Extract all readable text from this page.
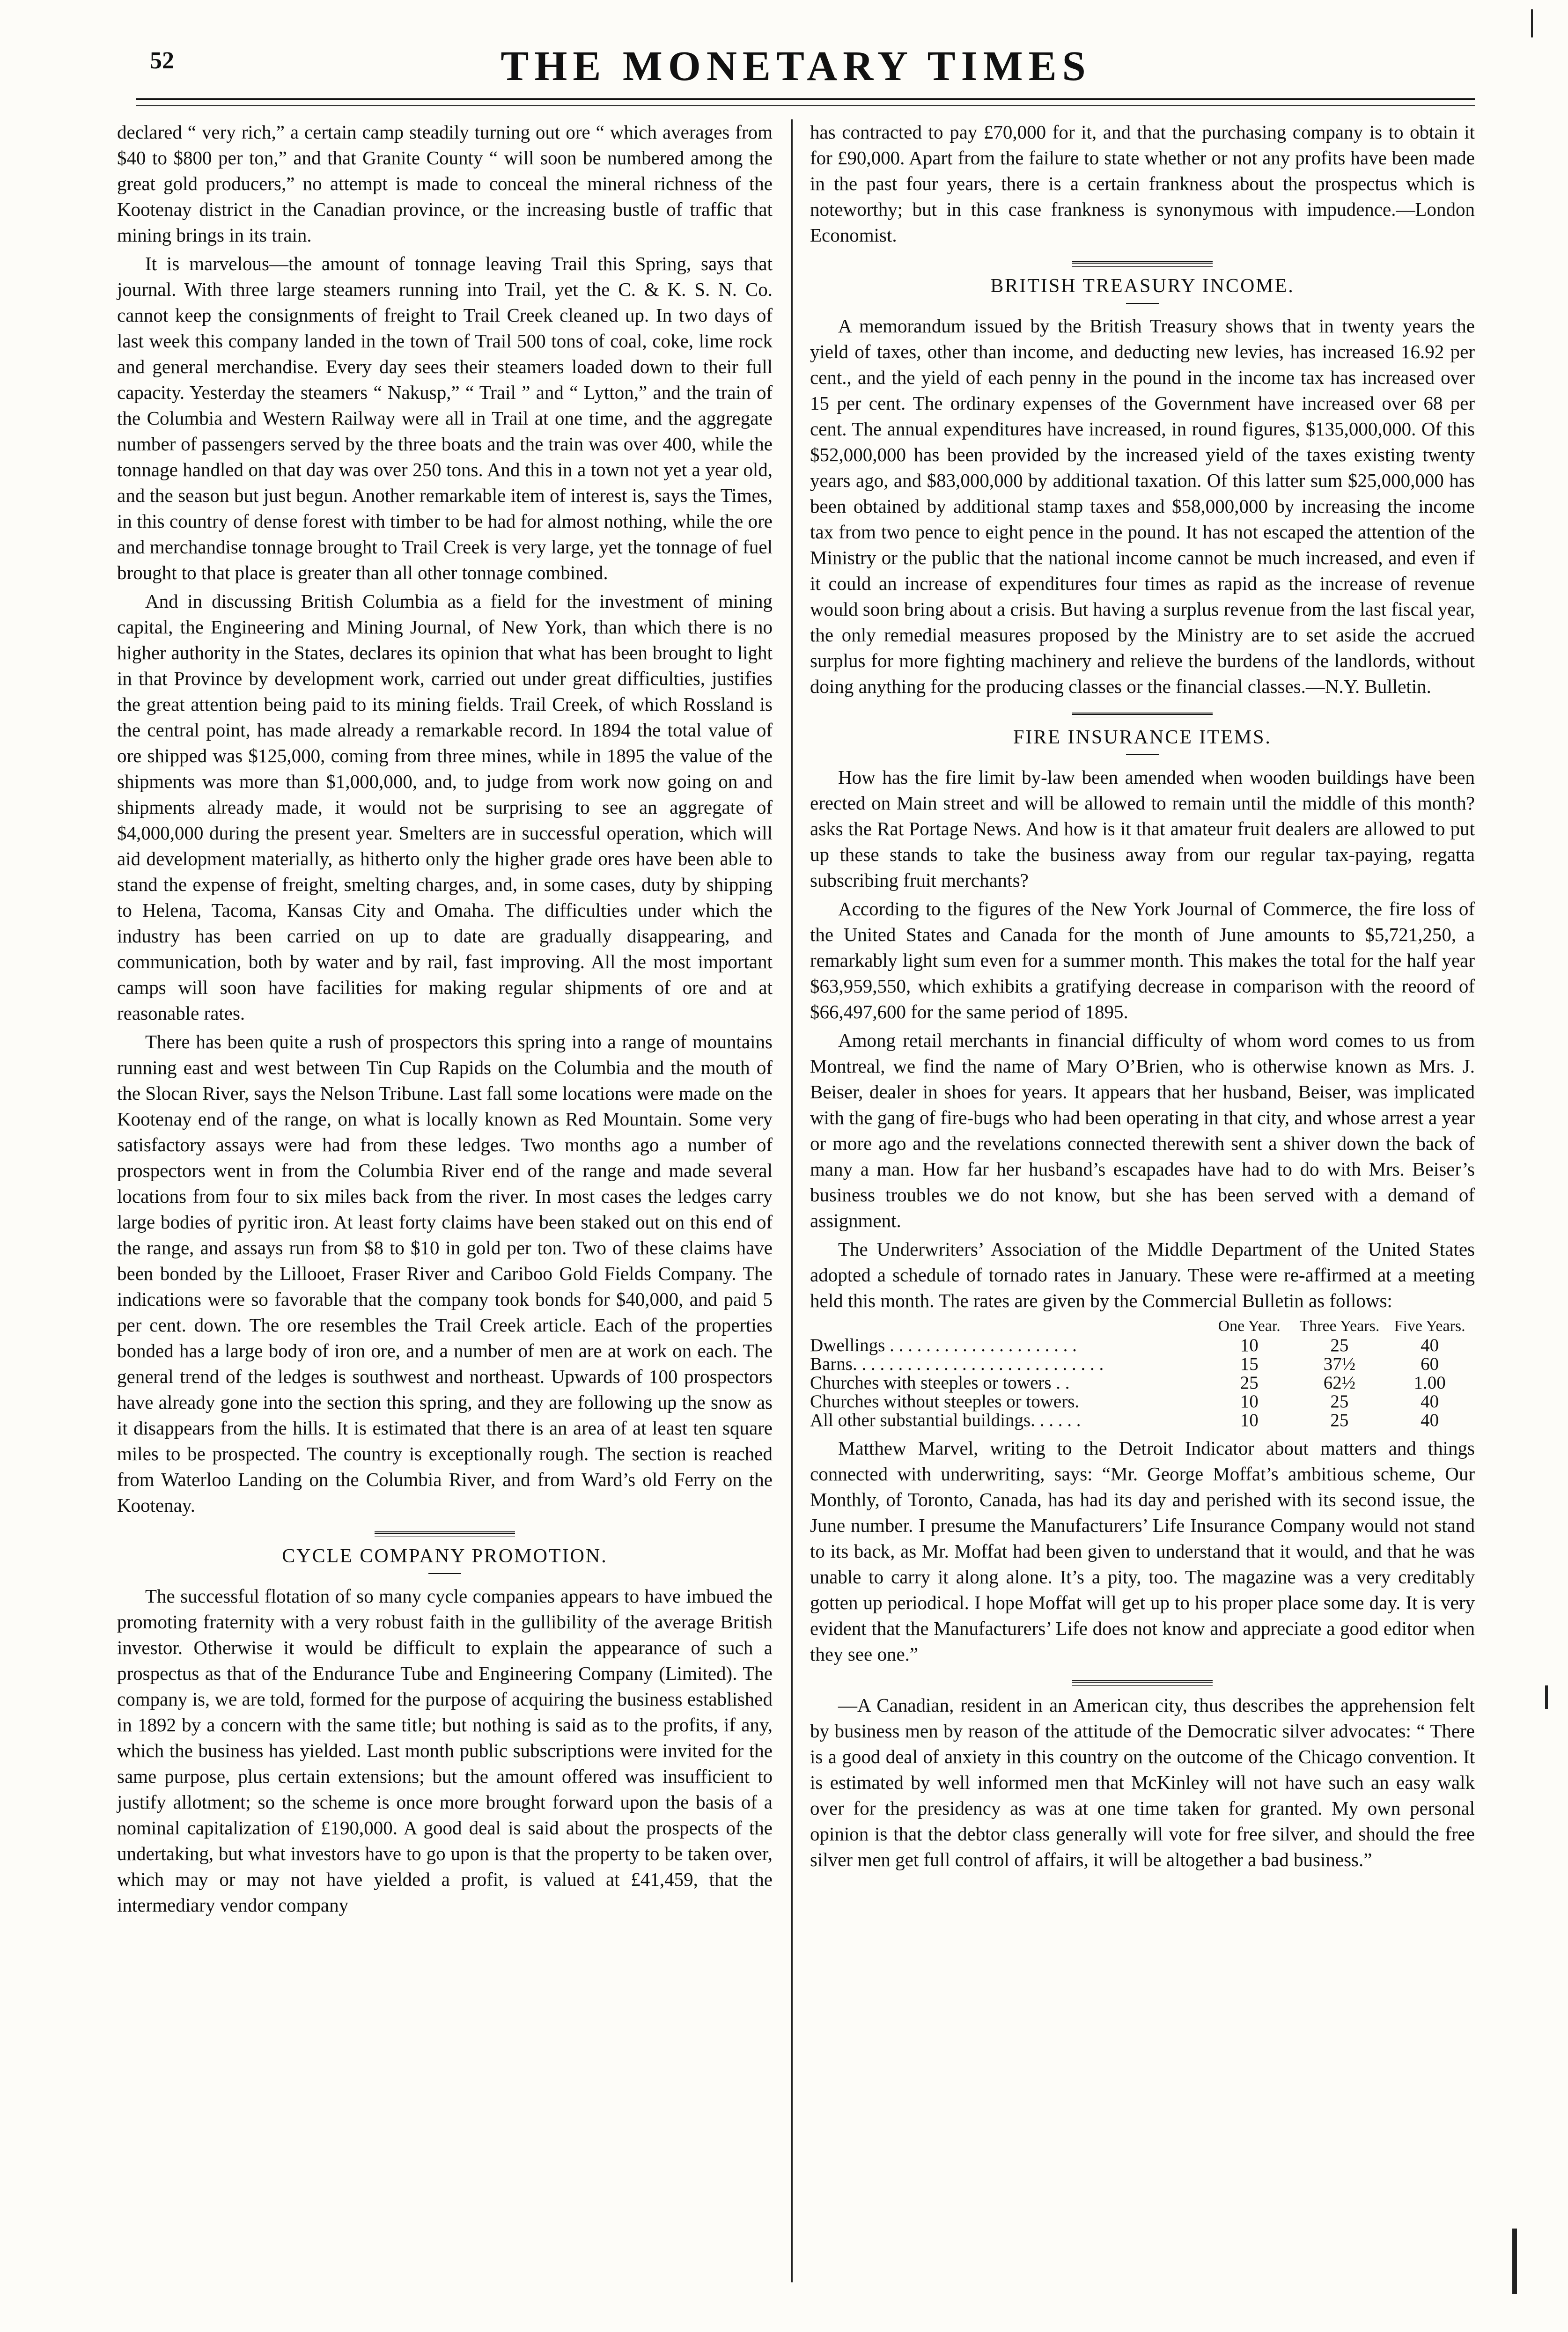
52	THE MONETARY TIMES

declared “ very rich,” a certain camp steadily turning out ore “ which averages from $40 to $800 per ton,” and that Granite County “ will soon be numbered among the great gold producers,” no attempt is made to conceal the mineral richness of the Kootenay district in the Canadian province, or the increasing bustle of traffic that mining brings in its train.

It is marvelous—the amount of tonnage leaving Trail this Spring, says that journal. With three large steamers running into Trail, yet the C. & K. S. N. Co. cannot keep the consignments of freight to Trail Creek cleaned up. In two days of last week this company landed in the town of Trail 500 tons of coal, coke, lime rock and general merchandise. Every day sees their steamers loaded down to their full capacity. Yesterday the steamers “ Nakusp,” “ Trail ” and “ Lytton,” and the train of the Columbia and Western Railway were all in Trail at one time, and the aggregate number of passengers served by the three boats and the train was over 400, while the tonnage handled on that day was over 250 tons. And this in a town not yet a year old, and the season but just begun. Another remarkable item of interest is, says the Times, in this country of dense forest with timber to be had for almost nothing, while the ore and merchandise tonnage brought to Trail Creek is very large, yet the tonnage of fuel brought to that place is greater than all other tonnage combined.

And in discussing British Columbia as a field for the investment of mining capital, the Engineering and Mining Journal, of New York, than which there is no higher authority in the States, declares its opinion that what has been brought to light in that Province by development work, carried out under great difficulties, justifies the great attention being paid to its mining fields. Trail Creek, of which Rossland is the central point, has made already a remarkable record. In 1894 the total value of ore shipped was $125,000, coming from three mines, while in 1895 the value of the shipments was more than $1,000,000, and, to judge from work now going on and shipments already made, it would not be surprising to see an aggregate of $4,000,000 during the present year. Smelters are in successful operation, which will aid development materially, as hitherto only the higher grade ores have been able to stand the expense of freight, smelting charges, and, in some cases, duty by shipping to Helena, Tacoma, Kansas City and Omaha. The difficulties under which the industry has been carried on up to date are gradually disappearing, and communication, both by water and by rail, fast improving. All the most important camps will soon have facilities for making regular shipments of ore and at reasonable rates.

There has been quite a rush of prospectors this spring into a range of mountains running east and west between Tin Cup Rapids on the Columbia and the mouth of the Slocan River, says the Nelson Tribune. Last fall some locations were made on the Kootenay end of the range, on what is locally known as Red Mountain. Some very satisfactory assays were had from these ledges. Two months ago a number of prospectors went in from the Columbia River end of the range and made several locations from four to six miles back from the river. In most cases the ledges carry large bodies of pyritic iron. At least forty claims have been staked out on this end of the range, and assays run from $8 to $10 in gold per ton. Two of these claims have been bonded by the Lillooet, Fraser River and Cariboo Gold Fields Company. The indications were so favorable that the company took bonds for $40,000, and paid 5 per cent. down. The ore resembles the Trail Creek article. Each of the properties bonded has a large body of iron ore, and a number of men are at work on each. The general trend of the ledges is southwest and northeast. Upwards of 100 prospectors have already gone into the section this spring, and they are following up the snow as it disappears from the hills. It is estimated that there is an area of at least ten square miles to be prospected. The country is exceptionally rough. The section is reached from Waterloo Landing on the Columbia River, and from Ward’s old Ferry on the Kootenay.

CYCLE COMPANY PROMOTION.

The successful flotation of so many cycle companies appears to have imbued the promoting fraternity with a very robust faith in the gullibility of the average British investor. Otherwise it would be difficult to explain the appearance of such a prospectus as that of the Endurance Tube and Engineering Company (Limited). The company is, we are told, formed for the purpose of acquiring the business established in 1892 by a concern with the same title; but nothing is said as to the profits, if any, which the business has yielded. Last month public subscriptions were invited for the same purpose, plus certain extensions; but the amount offered was insufficient to justify allotment; so the scheme is once more brought forward upon the basis of a nominal capitalization of £190,000. A good deal is said about the prospects of the undertaking, but what investors have to go upon is that the property to be taken over, which may or may not have yielded a profit, is valued at £41,459, that the intermediary vendor company

has contracted to pay £70,000 for it, and that the purchasing company is to obtain it for £90,000. Apart from the failure to state whether or not any profits have been made in the past four years, there is a certain frankness about the prospectus which is noteworthy; but in this case frankness is synonymous with impudence.—London Economist.

BRITISH TREASURY INCOME.

A memorandum issued by the British Treasury shows that in twenty years the yield of taxes, other than income, and deducting new levies, has increased 16.92 per cent., and the yield of each penny in the pound in the income tax has increased over 15 per cent. The ordinary expenses of the Government have increased over 68 per cent. The annual expenditures have increased, in round figures, $135,000,000. Of this $52,000,000 has been provided by the increased yield of the taxes existing twenty years ago, and $83,000,000 by additional taxation. Of this latter sum $25,000,000 has been obtained by additional stamp taxes and $58,000,000 by increasing the income tax from two pence to eight pence in the pound. It has not escaped the attention of the Ministry or the public that the national income cannot be much increased, and even if it could an increase of expenditures four times as rapid as the increase of revenue would soon bring about a crisis. But having a surplus revenue from the last fiscal year, the only remedial measures proposed by the Ministry are to set aside the accrued surplus for more fighting machinery and relieve the burdens of the landlords, without doing anything for the producing classes or the financial classes.—N.Y. Bulletin.

FIRE INSURANCE ITEMS.

How has the fire limit by-law been amended when wooden buildings have been erected on Main street and will be allowed to remain until the middle of this month? asks the Rat Portage News. And how is it that amateur fruit dealers are allowed to put up these stands to take the business away from our regular tax-paying, regatta subscribing fruit merchants?

According to the figures of the New York Journal of Commerce, the fire loss of the United States and Canada for the month of June amounts to $5,721,250, a remarkably light sum even for a summer month. This makes the total for the half year $63,959,550, which exhibits a gratifying decrease in comparison with the reoord of $66,497,600 for the same period of 1895.

Among retail merchants in financial difficulty of whom word comes to us from Montreal, we find the name of Mary O’Brien, who is otherwise known as Mrs. J. Beiser, dealer in shoes for years. It appears that her husband, Beiser, was implicated with the gang of fire-bugs who had been operating in that city, and whose arrest a year or more ago and the revelations connected therewith sent a shiver down the back of many a man. How far her husband’s escapades have had to do with Mrs. Beiser’s business troubles we do not know, but she has been served with a demand of assignment.

The Underwriters’ Association of the Middle Department of the United States adopted a schedule of tornado rates in January. These were re-affirmed at a meeting held this month. The rates are given by the Commercial Bulletin as follows:

	One Year.	Three Years.	Five Years.
Dwellings . . . . . . . . . . . . . . . . . . . . .	10	25	40
Barns. . . . . . . . . . . . . . . . . . . . . . . . . . . .	15	37½	60
Churches with steeples or towers . .	25	62½	1.00
Churches without steeples or towers.	10	25	40
All other substantial buildings. . . . . .	10	25	40

Matthew Marvel, writing to the Detroit Indicator about matters and things connected with underwriting, says: “Mr. George Moffat’s ambitious scheme, Our Monthly, of Toronto, Canada, has had its day and perished with its second issue, the June number. I presume the Manufacturers’ Life Insurance Company would not stand to its back, as Mr. Moffat had been given to understand that it would, and that he was unable to carry it along alone. It’s a pity, too. The magazine was a very creditably gotten up periodical. I hope Moffat will get up to his proper place some day. It is very evident that the Manufacturers’ Life does not know and appreciate a good editor when they see one.”

—A Canadian, resident in an American city, thus describes the apprehension felt by business men by reason of the attitude of the Democratic silver advocates: “ There is a good deal of anxiety in this country on the outcome of the Chicago convention. It is estimated by well informed men that McKinley will not have such an easy walk over for the presidency as was at one time taken for granted. My own personal opinion is that the debtor class generally will vote for free silver, and should the free silver men get full control of affairs, it will be altogether a bad business.”
